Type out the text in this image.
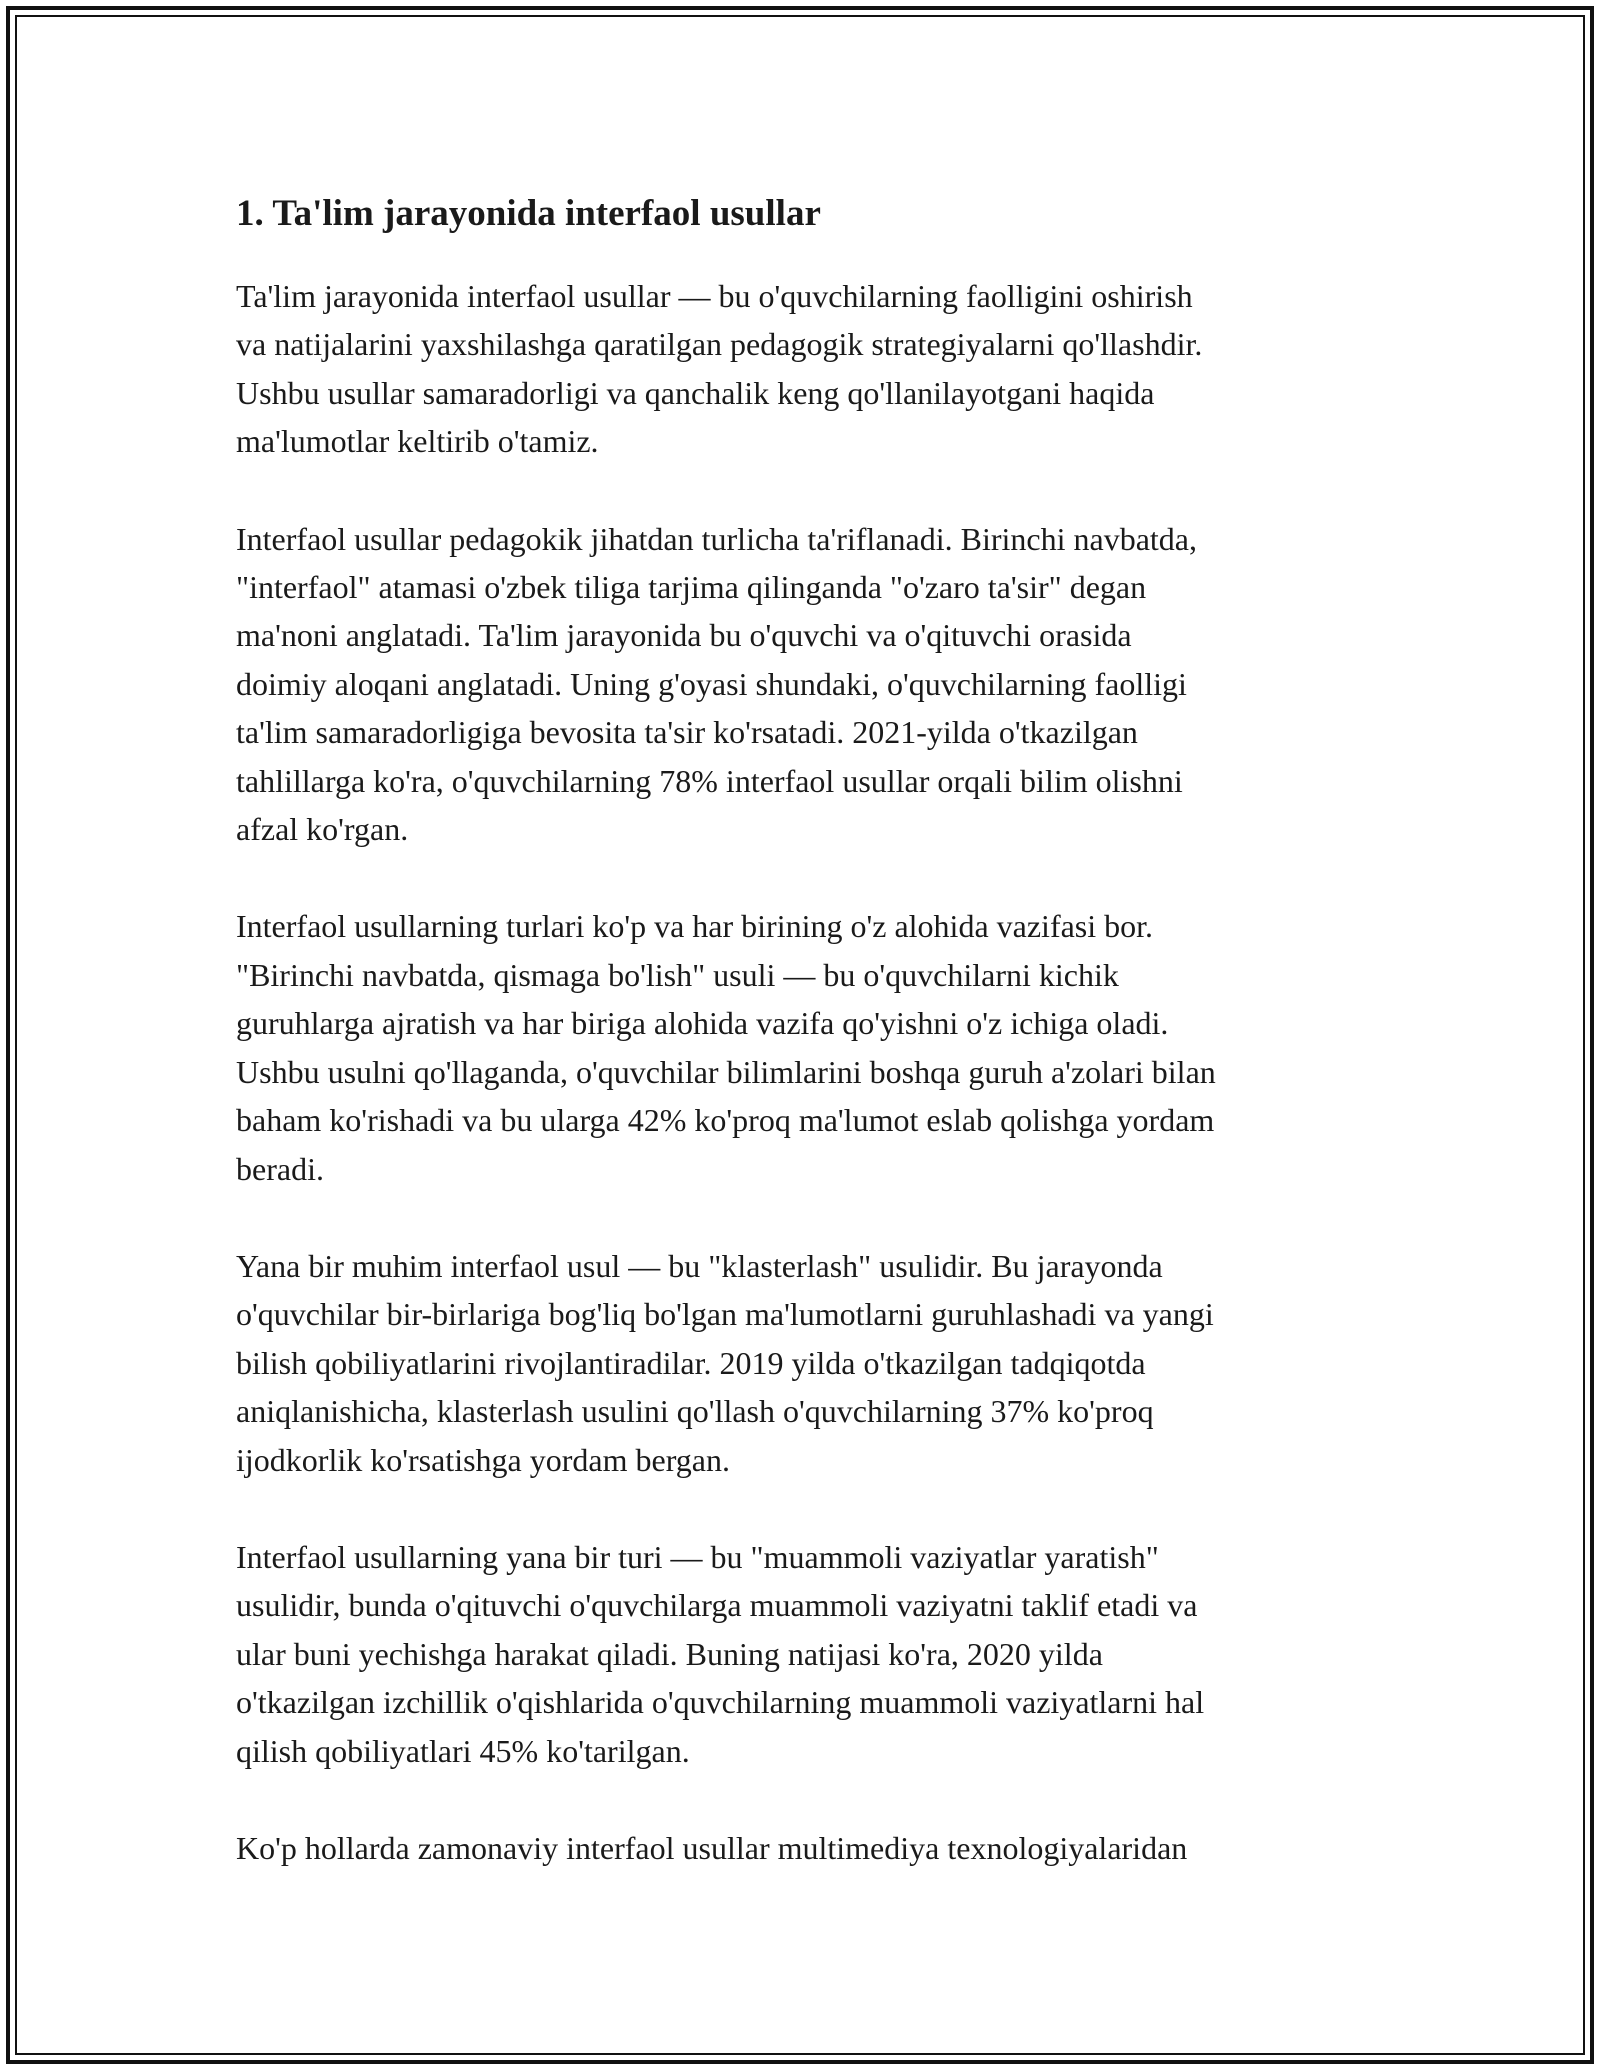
1. Ta'lim jarayonida interfaol usullar

Ta'lim jarayonida interfaol usullar — bu o'quvchilarning faolligini oshirish
va natijalarini yaxshilashga qaratilgan pedagogik strategiyalarni qo'llashdir.
Ushbu usullar samaradorligi va qanchalik keng qo'llanilayotgani haqida
ma'lumotlar keltirib o'tamiz.

Interfaol usullar pedagokik jihatdan turlicha ta'riflanadi. Birinchi navbatda,
"interfaol" atamasi o'zbek tiliga tarjima qilinganda "o'zaro ta'sir" degan
ma'noni anglatadi. Ta'lim jarayonida bu o'quvchi va o'qituvchi orasida
doimiy aloqani anglatadi. Uning g'oyasi shundaki, o'quvchilarning faolligi
ta'lim samaradorligiga bevosita ta'sir ko'rsatadi. 2021-yilda o'tkazilgan
tahlillarga ko'ra, o'quvchilarning 78% interfaol usullar orqali bilim olishni
afzal ko'rgan.

Interfaol usullarning turlari ko'p va har birining o'z alohida vazifasi bor.
"Birinchi navbatda, qismaga bo'lish" usuli — bu o'quvchilarni kichik
guruhlarga ajratish va har biriga alohida vazifa qo'yishni o'z ichiga oladi.
Ushbu usulni qo'llaganda, o'quvchilar bilimlarini boshqa guruh a'zolari bilan
baham ko'rishadi va bu ularga 42% ko'proq ma'lumot eslab qolishga yordam
beradi.

Yana bir muhim interfaol usul — bu "klasterlash" usulidir. Bu jarayonda
o'quvchilar bir-birlariga bog'liq bo'lgan ma'lumotlarni guruhlashadi va yangi
bilish qobiliyatlarini rivojlantiradilar. 2019 yilda o'tkazilgan tadqiqotda
aniqlanishicha, klasterlash usulini qo'llash o'quvchilarning 37% ko'proq
ijodkorlik ko'rsatishga yordam bergan.

Interfaol usullarning yana bir turi — bu "muammoli vaziyatlar yaratish"
usulidir, bunda o'qituvchi o'quvchilarga muammoli vaziyatni taklif etadi va
ular buni yechishga harakat qiladi. Buning natijasi ko'ra, 2020 yilda
o'tkazilgan izchillik o'qishlarida o'quvchilarning muammoli vaziyatlarni hal
qilish qobiliyatlari 45% ko'tarilgan.

Ko'p hollarda zamonaviy interfaol usullar multimediya texnologiyalaridan
